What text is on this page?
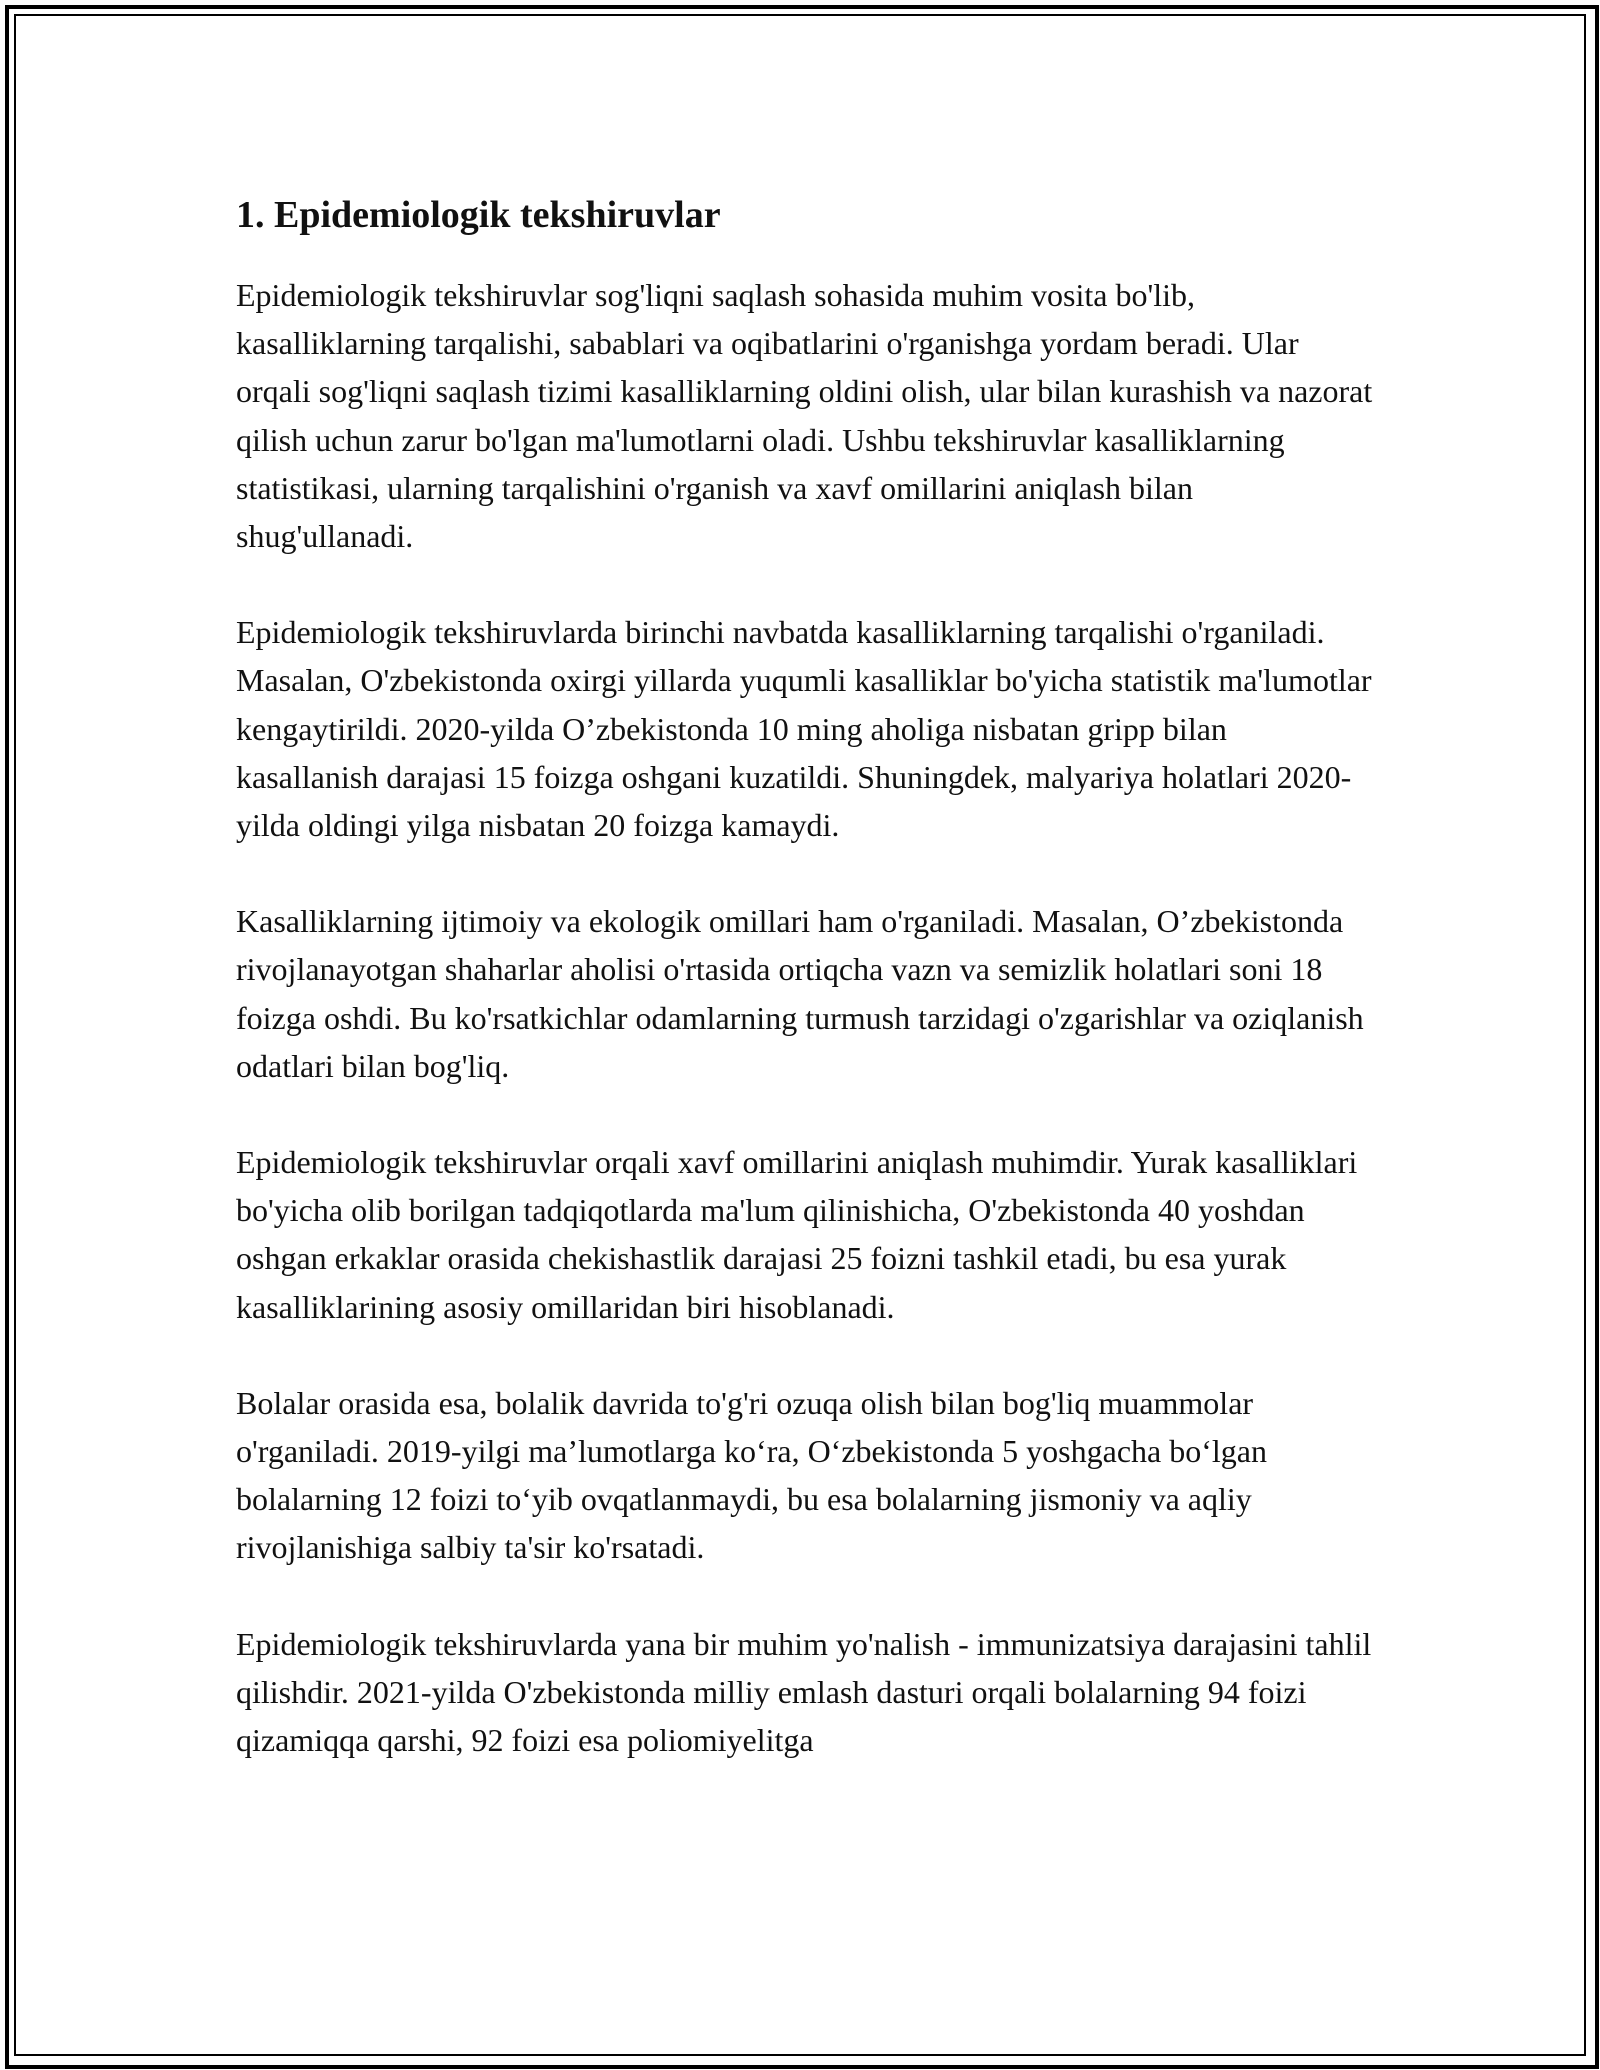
1. Epidemiologik tekshiruvlar

Epidemiologik tekshiruvlar sog'liqni saqlash sohasida muhim vosita bo'lib, kasalliklarning tarqalishi, sabablari va oqibatlarini o'rganishga yordam beradi. Ular orqali sog'liqni saqlash tizimi kasalliklarning oldini olish, ular bilan kurashish va nazorat qilish uchun zarur bo'lgan ma'lumotlarni oladi. Ushbu tekshiruvlar kasalliklarning statistikasi, ularning tarqalishini o'rganish va xavf omillarini aniqlash bilan shug'ullanadi.

Epidemiologik tekshiruvlarda birinchi navbatda kasalliklarning tarqalishi o'rganiladi. Masalan, O'zbekistonda oxirgi yillarda yuqumli kasalliklar bo'yicha statistik ma'lumotlar kengaytirildi. 2020-yilda O’zbekistonda 10 ming aholiga nisbatan gripp bilan kasallanish darajasi 15 foizga oshgani kuzatildi. Shuningdek, malyariya holatlari 2020-yilda oldingi yilga nisbatan 20 foizga kamaydi.

Kasalliklarning ijtimoiy va ekologik omillari ham o'rganiladi. Masalan, O’zbekistonda rivojlanayotgan shaharlar aholisi o'rtasida ortiqcha vazn va semizlik holatlari soni 18 foizga oshdi. Bu ko'rsatkichlar odamlarning turmush tarzidagi o'zgarishlar va oziqlanish odatlari bilan bog'liq.

Epidemiologik tekshiruvlar orqali xavf omillarini aniqlash muhimdir. Yurak kasalliklari bo'yicha olib borilgan tadqiqotlarda ma'lum qilinishicha, O'zbekistonda 40 yoshdan oshgan erkaklar orasida chekishastlik darajasi 25 foizni tashkil etadi, bu esa yurak kasalliklarining asosiy omillaridan biri hisoblanadi.

Bolalar orasida esa, bolalik davrida to'g'ri ozuqa olish bilan bog'liq muammolar o'rganiladi. 2019-yilgi ma’lumotlarga ko‘ra, O‘zbekistonda 5 yoshgacha bo‘lgan bolalarning 12 foizi to‘yib ovqatlanmaydi, bu esa bolalarning jismoniy va aqliy rivojlanishiga salbiy ta'sir ko'rsatadi.

Epidemiologik tekshiruvlarda yana bir muhim yo'nalish - immunizatsiya darajasini tahlil qilishdir. 2021-yilda O'zbekistonda milliy emlash dasturi orqali bolalarning 94 foizi qizamiqqa qarshi, 92 foizi esa poliomiyelitga
